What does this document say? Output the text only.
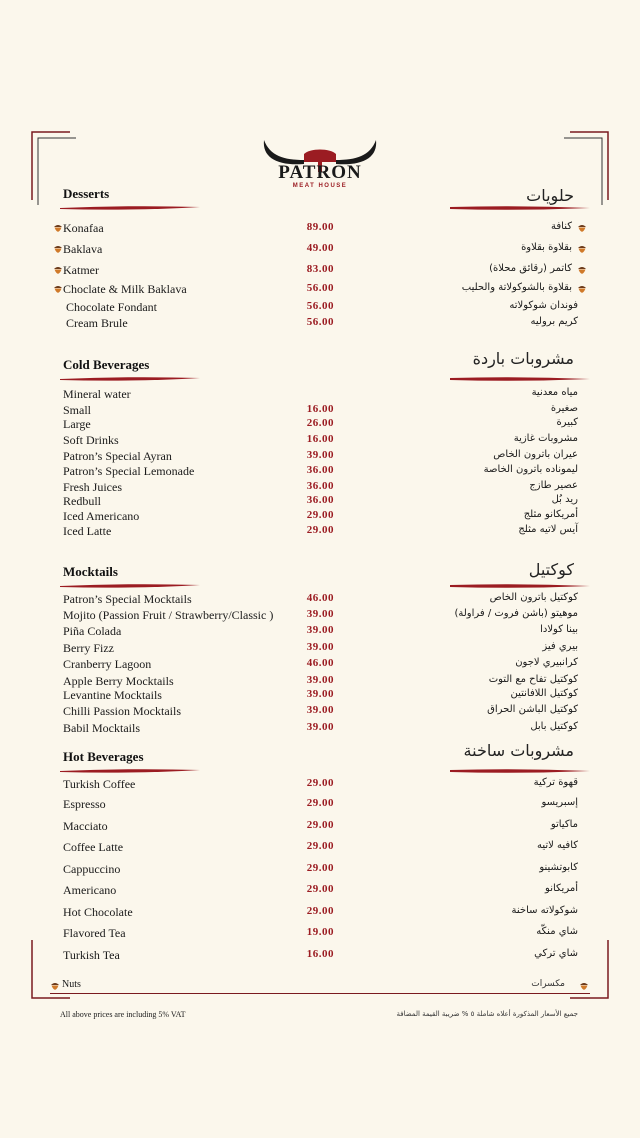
PATRON
MEAT HOUSE
Desserts	حلويات
Konafaa	89.00	كنافة
Baklava	49.00	بقلاوة بقلاوة
Katmer	83.00	كاتمر (رقائق محلاة)
Choclate & Milk Baklava	56.00	بقلاوة بالشوكولاتة والحليب
Chocolate Fondant	56.00	فوندان شوكولاته
Cream Brule	56.00	كريم بروليه
Cold Beverages	مشروبات باردة
Mineral water	مياه معدنية
Small	16.00	صغيرة
Large	26.00	كبيرة
Soft Drinks	16.00	مشروبات غازية
Patron’s Special Ayran	39.00	عيران باترون الخاص
Patron’s Special Lemonade	36.00	ليموناده باترون الخاصة
Fresh Juices	36.00	عصير طازج
Redbull	36.00	ريد بُل
Iced Americano	29.00	أمريكانو مثلج
Iced Latte	29.00	آيس لاتيه مثلج
Mocktails	كوكتيل
Patron’s Special Mocktails	46.00	كوكتيل باترون الخاص
Mojito (Passion Fruit / Strawberry/Classic )	39.00	موهيتو (باشن فروت / فراولة)
Piña Colada	39.00	بينا كولادا
Berry Fizz	39.00	بيري فيز
Cranberry Lagoon	46.00	كرانبيري لاجون
Apple Berry Mocktails	39.00	كوكتيل تفاح مع التوت
Levantine Mocktails	39.00	كوكتيل اللافانتين
Chilli Passion Mocktails	39.00	كوكتيل الباشن الحراق
Babil Mocktails	39.00	كوكتيل بابل
Hot Beverages	مشروبات ساخنة
Turkish Coffee	29.00	قهوة تركية
Espresso	29.00	إسبريسو
Macciato	29.00	ماكياتو
Coffee Latte	29.00	كافيه لاتيه
Cappuccino	29.00	كابوتشينو
Americano	29.00	أمريكانو
Hot Chocolate	29.00	شوكولاته ساخنة
Flavored Tea	19.00	شاي منكّه
Turkish Tea	16.00	شاي تركي
Nuts	مكسرات
All above prices are including 5% VAT	جميع الأسعار المذكورة أعلاه شاملة ٥ % ضريبة القيمة المضافة
